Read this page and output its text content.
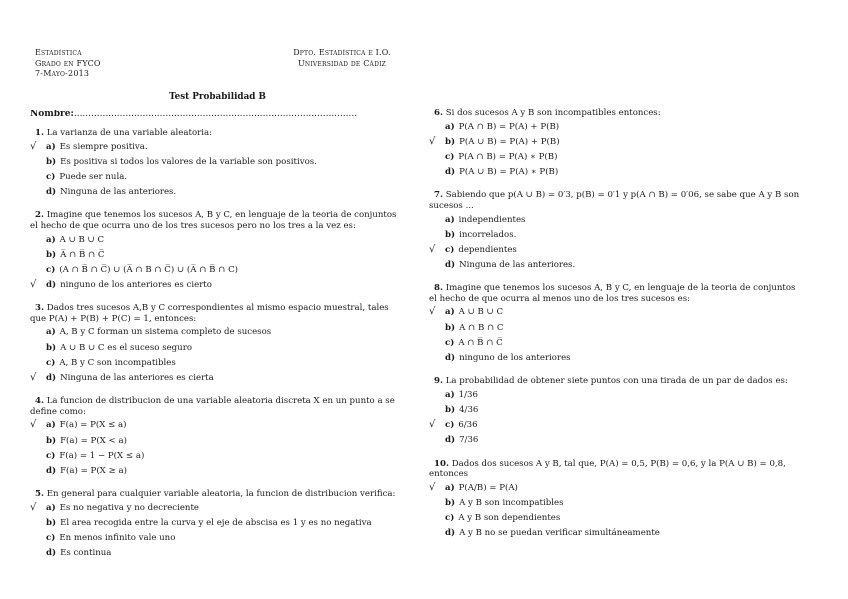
Estadística
Grado en FYCO
7-Mayo-2013
Dpto. Estadística e I.O.
Universidad de Cádiz
Test Probabilidad B
Nombre:...................................................................................................
1. La varianza de una variable aleatoria:
√ a) Es siempre positiva.
b) Es positiva si todos los valores de la variable son positivos.
c) Puede ser nula.
d) Ninguna de las anteriores.
2. Imagine que tenemos los sucesos A, B y C, en lenguaje de la teoria de conjuntos el hecho de que ocurra uno de los tres sucesos pero no los tres a la vez es:
a) A ∪ B ∪ C
b) A̅ ∩ B̅ ∩ C̅
c) (A ∩ B̅ ∩ C̅) ∪ (A̅ ∩ B ∩ C̅) ∪ (A̅ ∩ B̅ ∩ C)
√ d) ninguno de los anteriores es cierto
3. Dados tres sucesos A,B y C correspondientes al mismo espacio muestral, tales que P(A) + P(B) + P(C) = 1, entonces:
a) A, B y C forman un sistema completo de sucesos
b) A ∪ B ∪ C es el suceso seguro
c) A, B y C son incompatibles
√ d) Ninguna de las anteriores es cierta
4. La funcion de distribucion de una variable aleatoria discreta X en un punto a se define como:
√ a) F(a) = P(X ≤ a)
b) F(a) = P(X < a)
c) F(a) = 1 − P(X ≤ a)
d) F(a) = P(X ≥ a)
5. En general para cualquier variable aleatoria, la funcion de distribucion verifica:
√ a) Es no negativa y no decreciente
b) El area recogida entre la curva y el eje de abscisa es 1 y es no negativa
c) En menos infinito vale uno
d) Es continua
6. Si dos sucesos A y B son incompatibles entonces:
a) P(A ∩ B) = P(A) + P(B)
√ b) P(A ∪ B) = P(A) + P(B)
c) P(A ∩ B) = P(A) ∗ P(B)
d) P(A ∪ B) = P(A) ∗ P(B)
7. Sabiendo que p(A ∪ B) = 0′3, p(B) = 0′1 y p(A ∩ B) = 0′06, se sabe que A y B son sucesos ...
a) independientes
b) incorrelados.
√ c) dependientes
d) Ninguna de las anteriores.
8. Imagine que tenemos los sucesos A, B y C, en lenguaje de la teoria de conjuntos el hecho de que ocurra al menos uno de los tres sucesos es:
√ a) A ∪ B ∪ C
b) A ∩ B ∩ C
c) A ∩ B̅ ∩ C̅
d) ninguno de los anteriores
9. La probabilidad de obtener siete puntos con una tirada de un par de dados es:
a) 1/36
b) 4/36
√ c) 6/36
d) 7/36
10. Dados dos sucesos A y B, tal que, P(A) = 0,5, P(B) = 0,6, y la P(A ∪ B) = 0,8, entonces
√ a) P(A/B) = P(A)
b) A y B son incompatibles
c) A y B son dependientes
d) A y B no se puedan verificar simultáneamente
